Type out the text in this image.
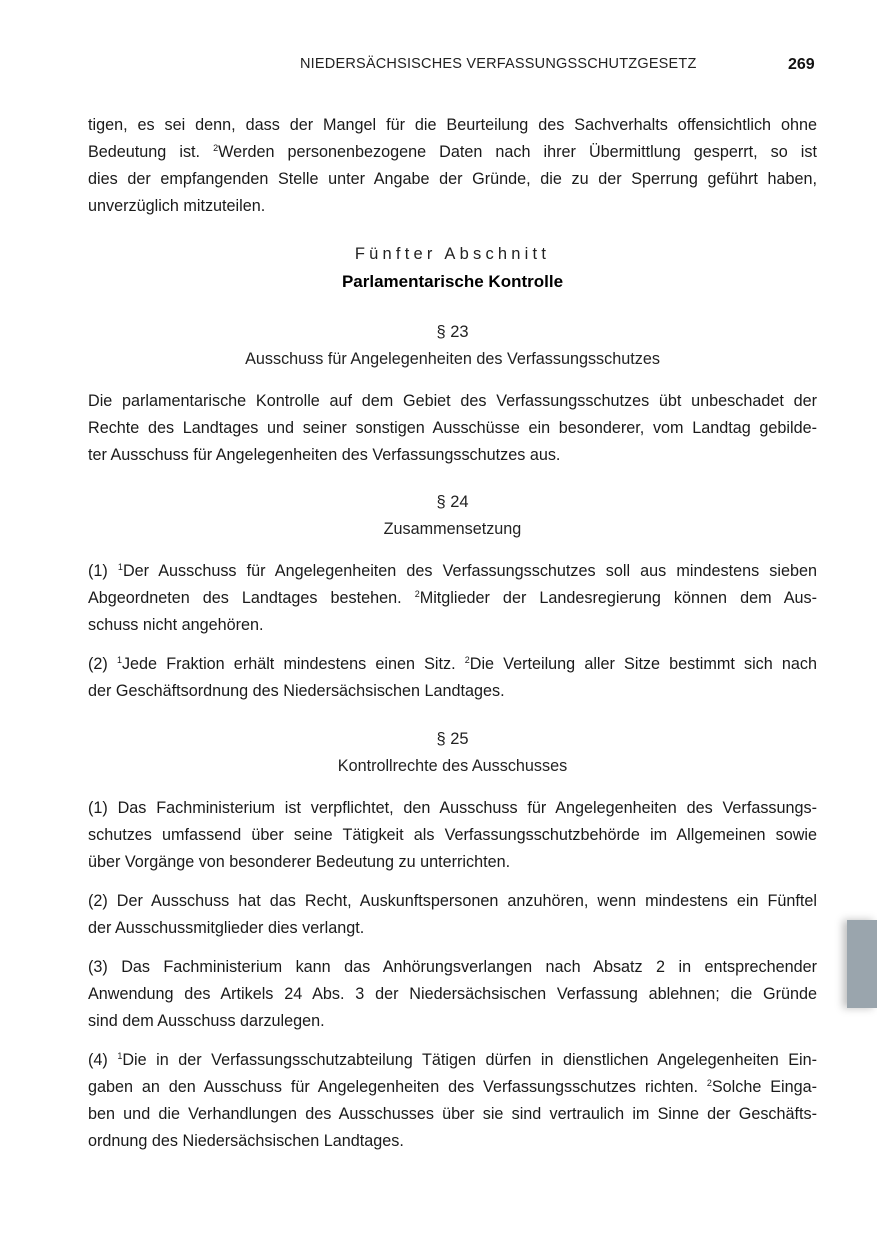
NIEDERSÄCHSISCHES VERFASSUNGSSCHUTZGESETZ	269
tigen, es sei denn, dass der Mangel für die Beurteilung des Sachverhalts offensichtlich ohne
Bedeutung ist. $^2$Werden personenbezogene Daten nach ihrer Übermittlung gesperrt, so ist
dies der empfangenden Stelle unter Angabe der Gründe, die zu der Sperrung geführt haben,
unverzüglich mitzuteilen.
Fünfter Abschnitt
Parlamentarische Kontrolle
§ 23
Ausschuss für Angelegenheiten des Verfassungsschutzes
Die parlamentarische Kontrolle auf dem Gebiet des Verfassungsschutzes übt unbeschadet der
Rechte des Landtages und seiner sonstigen Ausschüsse ein besonderer, vom Landtag gebilde-
ter Ausschuss für Angelegenheiten des Verfassungsschutzes aus.
§ 24
Zusammensetzung
(1) $^1$Der Ausschuss für Angelegenheiten des Verfassungsschutzes soll aus mindestens sieben
Abgeordneten des Landtages bestehen. $^2$Mitglieder der Landesregierung können dem Aus-
schuss nicht angehören.
(2) $^1$Jede Fraktion erhält mindestens einen Sitz. $^2$Die Verteilung aller Sitze bestimmt sich nach
der Geschäftsordnung des Niedersächsischen Landtages.
§ 25
Kontrollrechte des Ausschusses
(1) Das Fachministerium ist verpflichtet, den Ausschuss für Angelegenheiten des Verfassungs-
schutzes umfassend über seine Tätigkeit als Verfassungsschutzbehörde im Allgemeinen sowie
über Vorgänge von besonderer Bedeutung zu unterrichten.
(2) Der Ausschuss hat das Recht, Auskunftspersonen anzuhören, wenn mindestens ein Fünftel
der Ausschussmitglieder dies verlangt.
(3) Das Fachministerium kann das Anhörungsverlangen nach Absatz 2 in entsprechender
Anwendung des Artikels 24 Abs. 3 der Niedersächsischen Verfassung ablehnen; die Gründe
sind dem Ausschuss darzulegen.
(4) $^1$Die in der Verfassungsschutzabteilung Tätigen dürfen in dienstlichen Angelegenheiten Ein-
gaben an den Ausschuss für Angelegenheiten des Verfassungsschutzes richten. $^2$Solche Einga-
ben und die Verhandlungen des Ausschusses über sie sind vertraulich im Sinne der Geschäfts-
ordnung des Niedersächsischen Landtages.
